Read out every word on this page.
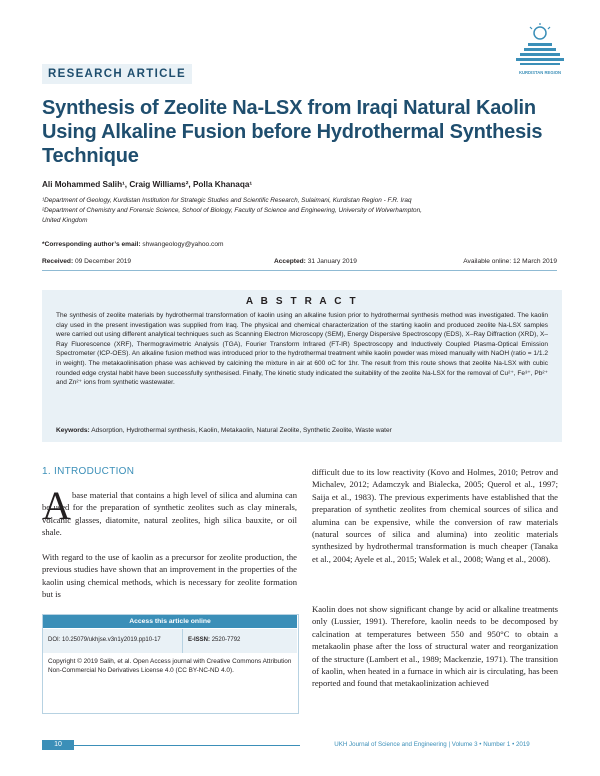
RESEARCH ARTICLE	KURDISTAN REGION
Synthesis of Zeolite Na-LSX from Iraqi Natural Kaolin Using Alkaline Fusion before Hydrothermal Synthesis Technique
Ali Mohammed Salih¹, Craig Williams², Polla Khanaqa¹
¹Department of Geology, Kurdistan Institution for Strategic Studies and Scientific Research, Sulaimani, Kurdistan Region - F.R. Iraq
²Department of Chemistry and Forensic Science, School of Biology, Faculty of Science and Engineering, University of Wolverhampton,
United Kingdom
*Corresponding author’s email: shwangeology@yahoo.com
Received: 09 December 2019	Accepted: 31 January 2019	Available online: 12 March 2019
A B S T R A C T
The synthesis of zeolite materials by hydrothermal transformation of kaolin using an alkaline fusion prior to hydrothermal synthesis method was investigated. The kaolin clay used in the present investigation was supplied from Iraq. The physical and chemical characterization of the starting kaolin and produced zeolite Na-LSX samples were carried out using different analytical techniques such as Scanning Electron Microscopy (SEM), Energy Dispersive Spectroscopy (EDS), X–Ray Diffraction (XRD), X–Ray Fluorescence (XRF), Thermogravimetric Analysis (TGA), Fourier Transform Infrared (FT-IR) Spectroscopy and Inductively Coupled Plasma-Optical Emission Spectrometer (ICP-OES). An alkaline fusion method was introduced prior to the hydrothermal treatment while kaolin powder was mixed manually with NaOH (ratio = 1/1.2 in weight). The metakaolinisation phase was achieved by calcining the mixture in air at 600 oC for 1hr. The result from this route shows that zeolite Na-LSX with cubic rounded edge crystal habit have been successfully synthesised. Finally, The kinetic study indicated the suitability of the zeolite Na-LSX for the removal of Cu²⁺, Fe³⁺, Pb²⁺ and Zn²⁺ ions from synthetic wastewater.
Keywords: Adsorption, Hydrothermal synthesis, Kaolin, Metakaolin, Natural Zeolite, Synthetic Zeolite, Waste water
1. INTRODUCTION
A base material that contains a high level of silica and alumina can be used for the preparation of synthetic zeolites such as clay minerals, volcanic glasses, diatomite, natural zeolites, high silica bauxite, or oil shale.
With regard to the use of kaolin as a precursor for zeolite production, the previous studies have shown that an improvement in the properties of the kaolin using chemical methods, which is necessary for zeolite formation but is
Access this article online
DOI: 10.25079/ukhjse.v3n1y2019.pp10-17	E-ISSN: 2520-7792
Copyright © 2019 Salih, et al. Open Access journal with Creative Commons Attribution Non-Commercial No Derivatives License 4.0 (CC BY-NC-ND 4.0).
difficult due to its low reactivity (Kovo and Holmes, 2010; Petrov and Michalev, 2012; Adamczyk and Bialecka, 2005; Querol et al., 1997; Saija et al., 1983). The previous experiments have established that the preparation of synthetic zeolites from chemical sources of silica and alumina can be expensive, while the conversion of raw materials (natural sources of silica and alumina) into zeolitic materials synthesized by hydrothermal transformation is much cheaper (Tanaka et al., 2004; Ayele et al., 2015; Walek et al., 2008; Wang et al., 2008).
Kaolin does not show significant change by acid or alkaline treatments only (Lussier, 1991). Therefore, kaolin needs to be decomposed by calcination at temperatures between 550 and 950°C to obtain a metakaolin phase after the loss of structural water and reorganization of the structure (Lambert et al., 1989; Mackenzie, 1971). The transition of kaolin, when heated in a furnace in which air is circulating, has been reported and found that metakaolinization achieved
10	UKH Journal of Science and Engineering | Volume 3 • Number 1 • 2019
